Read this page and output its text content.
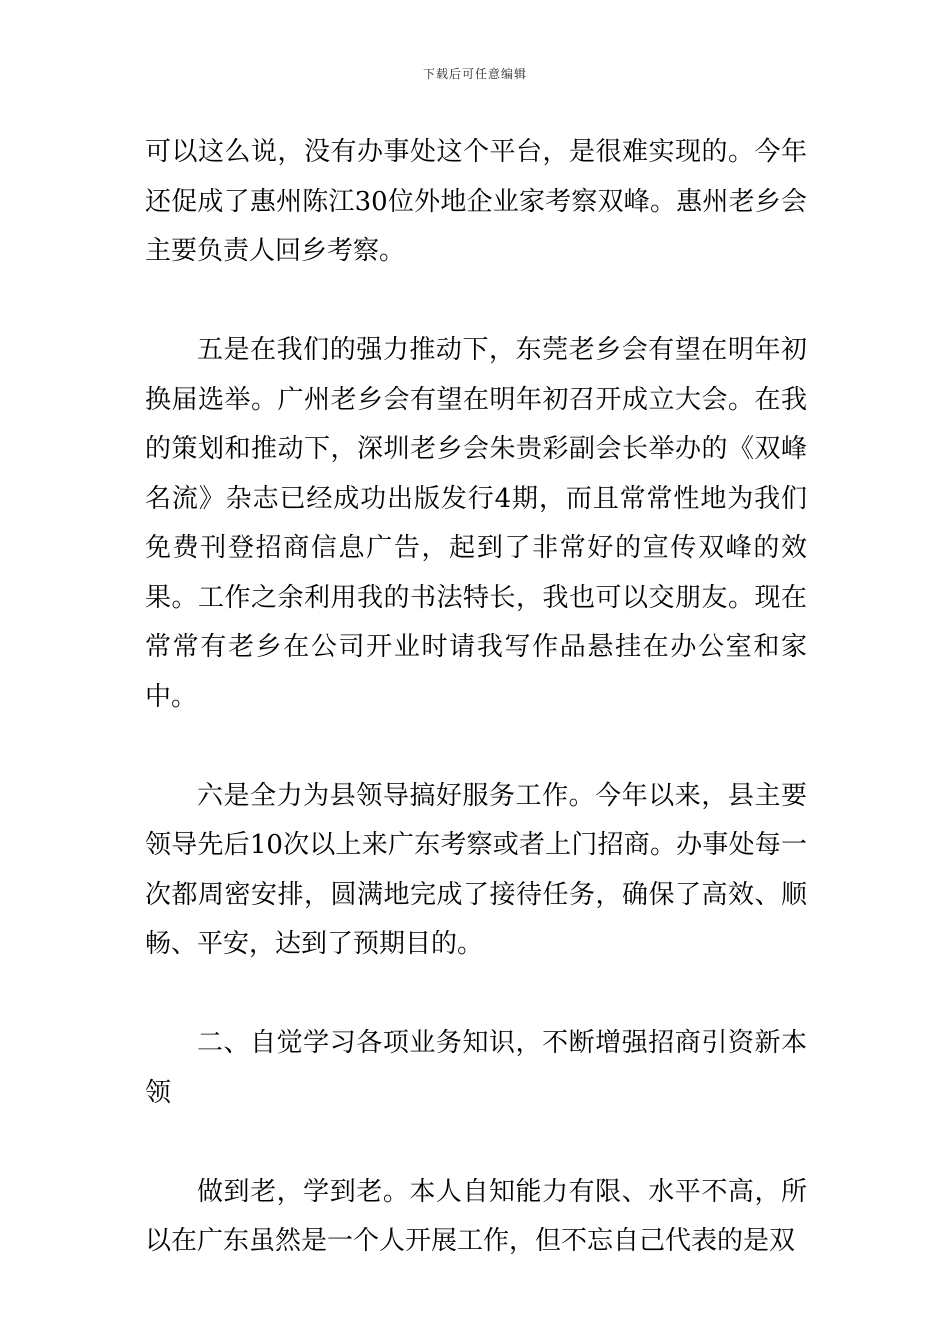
下载后可任意编辑

可以这么说，没有办事处这个平台，是很难实现的。今年还促成了惠州陈江30位外地企业家考察双峰。惠州老乡会主要负责人回乡考察。

五是在我们的强力推动下，东莞老乡会有望在明年初换届选举。广州老乡会有望在明年初召开成立大会。在我的策划和推动下，深圳老乡会朱贵彩副会长举办的《双峰名流》杂志已经成功出版发行4期，而且常常性地为我们免费刊登招商信息广告，起到了非常好的宣传双峰的效果。工作之余利用我的书法特长，我也可以交朋友。现在常常有老乡在公司开业时请我写作品悬挂在办公室和家中。

六是全力为县领导搞好服务工作。今年以来，县主要领导先后10次以上来广东考察或者上门招商。办事处每一次都周密安排，圆满地完成了接待任务，确保了高效、顺畅、平安，达到了预期目的。

二、自觉学习各项业务知识，不断增强招商引资新本领

做到老，学到老。本人自知能力有限、水平不高，所以在广东虽然是一个人开展工作，但不忘自己代表的是双
